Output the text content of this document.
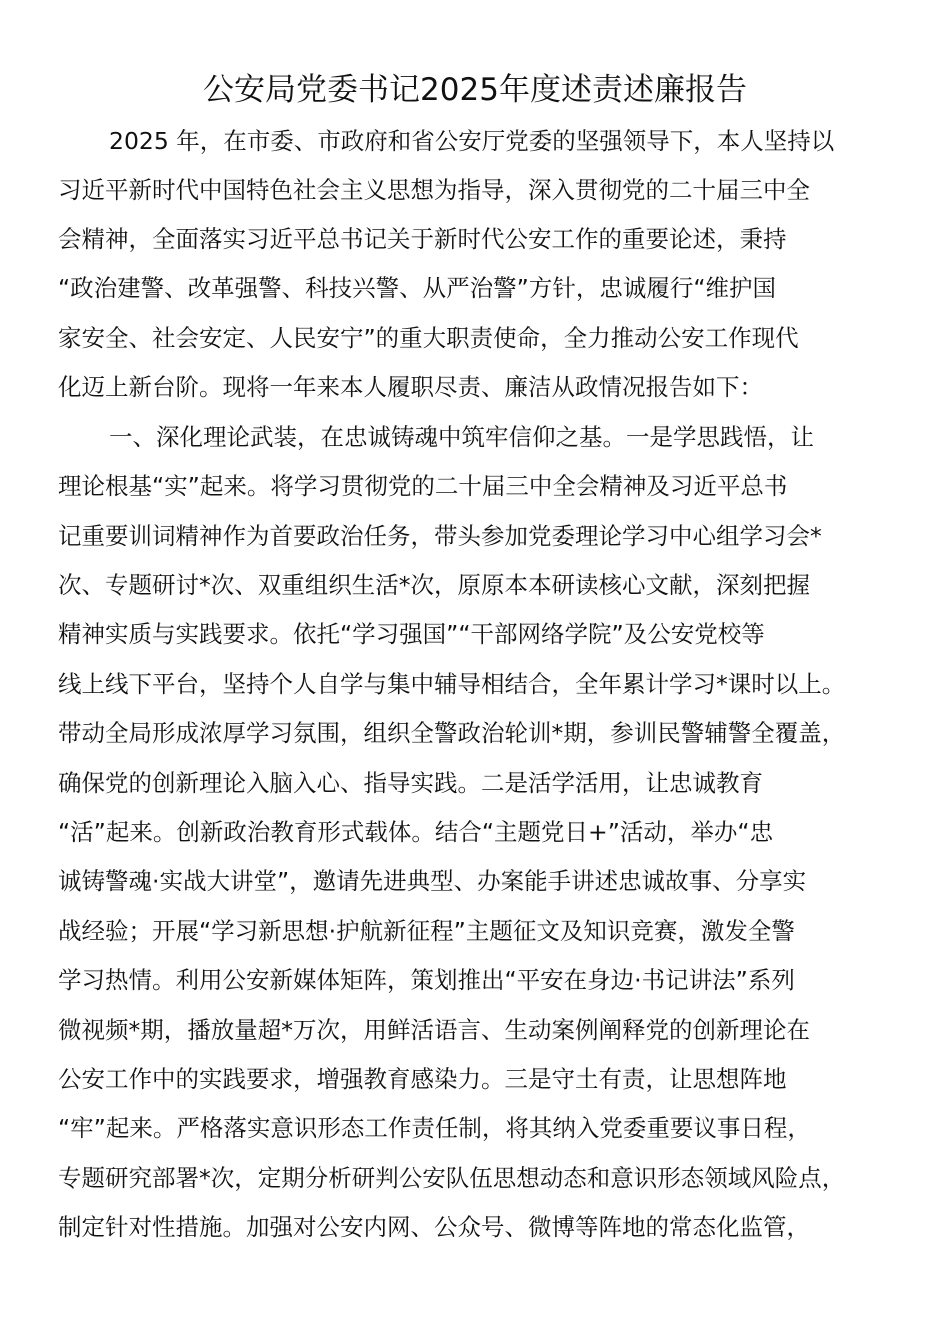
公安局党委书记2025年度述责述廉报告
2025 年，在市委、市政府和省公安厅党委的坚强领导下，本人坚持以
习近平新时代中国特色社会主义思想为指导，深入贯彻党的二十届三中全
会精神，全面落实习近平总书记关于新时代公安工作的重要论述，秉持
“政治建警、改革强警、科技兴警、从严治警”方针，忠诚履行“维护国
家安全、社会安定、人民安宁”的重大职责使命，全力推动公安工作现代
化迈上新台阶。现将一年来本人履职尽责、廉洁从政情况报告如下：
一、深化理论武装，在忠诚铸魂中筑牢信仰之基。一是学思践悟，让
理论根基“实”起来。将学习贯彻党的二十届三中全会精神及习近平总书
记重要训词精神作为首要政治任务，带头参加党委理论学习中心组学习会*
次、专题研讨*次、双重组织生活*次，原原本本研读核心文献，深刻把握
精神实质与实践要求。依托“学习强国”“干部网络学院”及公安党校等
线上线下平台，坚持个人自学与集中辅导相结合，全年累计学习*课时以上。
带动全局形成浓厚学习氛围，组织全警政治轮训*期，参训民警辅警全覆盖，
确保党的创新理论入脑入心、指导实践。二是活学活用，让忠诚教育
“活”起来。创新政治教育形式载体。结合“主题党日+”活动，举办“忠
诚铸警魂·实战大讲堂”，邀请先进典型、办案能手讲述忠诚故事、分享实
战经验；开展“学习新思想·护航新征程”主题征文及知识竞赛，激发全警
学习热情。利用公安新媒体矩阵，策划推出“平安在身边·书记讲法”系列
微视频*期，播放量超*万次，用鲜活语言、生动案例阐释党的创新理论在
公安工作中的实践要求，增强教育感染力。三是守土有责，让思想阵地
“牢”起来。严格落实意识形态工作责任制，将其纳入党委重要议事日程，
专题研究部署*次，定期分析研判公安队伍思想动态和意识形态领域风险点，
制定针对性措施。加强对公安内网、公众号、微博等阵地的常态化监管，
